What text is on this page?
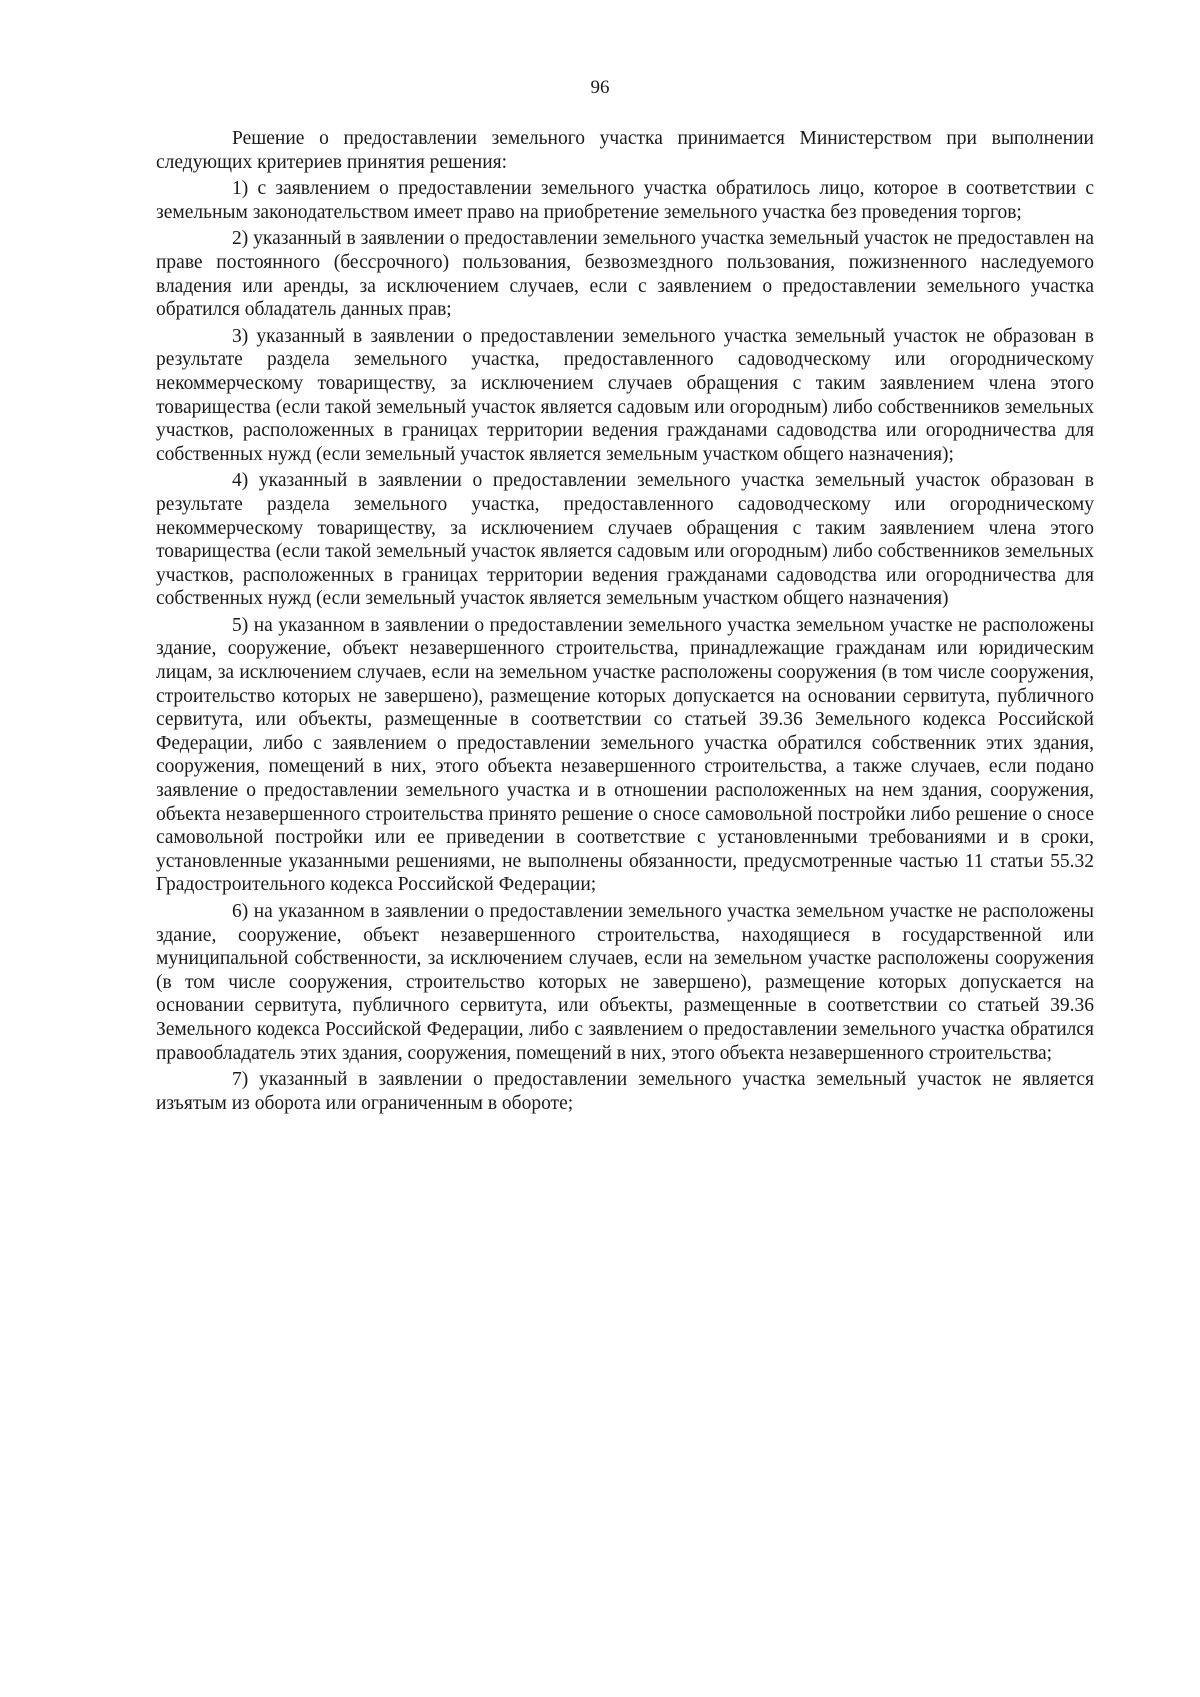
96

Решение о предоставлении земельного участка принимается Министерством при выполнении следующих критериев принятия решения:

1) с заявлением о предоставлении земельного участка обратилось лицо, которое в соответствии с земельным законодательством имеет право на приобретение земельного участка без проведения торгов;

2) указанный в заявлении о предоставлении земельного участка земельный участок не предоставлен на праве постоянного (бессрочного) пользования, безвозмездного пользования, пожизненного наследуемого владения или аренды, за исключением случаев, если с заявлением о предоставлении земельного участка обратился обладатель данных прав;

3) указанный в заявлении о предоставлении земельного участка земельный участок не образован в результате раздела земельного участка, предоставленного садоводческому или огородническому некоммерческому товариществу, за исключением случаев обращения с таким заявлением члена этого товарищества (если такой земельный участок является садовым или огородным) либо собственников земельных участков, расположенных в границах территории ведения гражданами садоводства или огородничества для собственных нужд (если земельный участок является земельным участком общего назначения);

4) указанный в заявлении о предоставлении земельного участка земельный участок образован в результате раздела земельного участка, предоставленного садоводческому или огородническому некоммерческому товариществу, за исключением случаев обращения с таким заявлением члена этого товарищества (если такой земельный участок является садовым или огородным) либо собственников земельных участков, расположенных в границах территории ведения гражданами садоводства или огородничества для собственных нужд (если земельный участок является земельным участком общего назначения)

5) на указанном в заявлении о предоставлении земельного участка земельном участке не расположены здание, сооружение, объект незавершенного строительства, принадлежащие гражданам или юридическим лицам, за исключением случаев, если на земельном участке расположены сооружения (в том числе сооружения, строительство которых не завершено), размещение которых допускается на основании сервитута, публичного сервитута, или объекты, размещенные в соответствии со статьей 39.36 Земельного кодекса Российской Федерации, либо с заявлением о предоставлении земельного участка обратился собственник этих здания, сооружения, помещений в них, этого объекта незавершенного строительства, а также случаев, если подано заявление о предоставлении земельного участка и в отношении расположенных на нем здания, сооружения, объекта незавершенного строительства принято решение о сносе самовольной постройки либо решение о сносе самовольной постройки или ее приведении в соответствие с установленными требованиями и в сроки, установленные указанными решениями, не выполнены обязанности, предусмотренные частью 11 статьи 55.32 Градостроительного кодекса Российской Федерации;

6) на указанном в заявлении о предоставлении земельного участка земельном участке не расположены здание, сооружение, объект незавершенного строительства, находящиеся в государственной или муниципальной собственности, за исключением случаев, если на земельном участке расположены сооружения (в том числе сооружения, строительство которых не завершено), размещение которых допускается на основании сервитута, публичного сервитута, или объекты, размещенные в соответствии со статьей 39.36 Земельного кодекса Российской Федерации, либо с заявлением о предоставлении земельного участка обратился правообладатель этих здания, сооружения, помещений в них, этого объекта незавершенного строительства;

7) указанный в заявлении о предоставлении земельного участка земельный участок не является изъятым из оборота или ограниченным в обороте;
